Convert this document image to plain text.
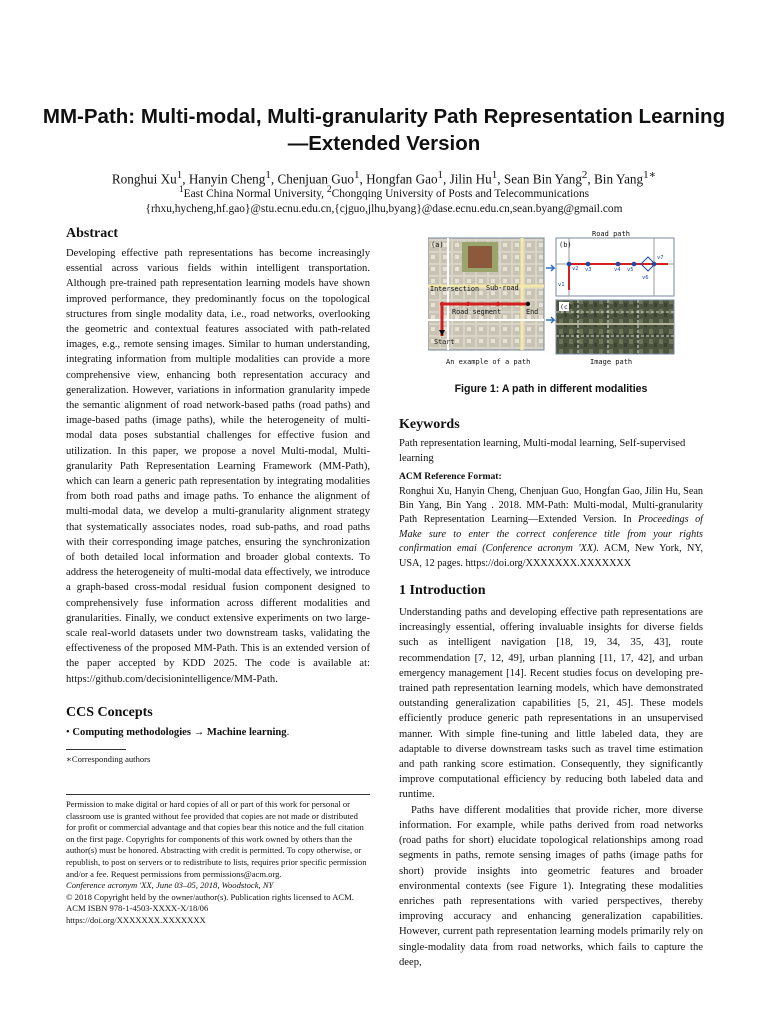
MM-Path: Multi-modal, Multi-granularity Path Representation Learning—Extended Version
Ronghui Xu$^1$, Hanyin Cheng$^1$, Chenjuan Guo$^1$, Hongfan Gao$^1$, Jilin Hu$^1$, Sean Bin Yang$^2$, Bin Yang$^{1∗}$
$^1$East China Normal University, $^2$Chongqing University of Posts and Telecommunications
{rhxu,hycheng,hf.gao}@stu.ecnu.edu.cn,{cjguo,jlhu,byang}@dase.ecnu.edu.cn,sean.byang@gmail.com
Abstract

Developing effective path representations has become increasingly essential across various fields within intelligent transportation. Although pre-trained path representation learning models have shown improved performance, they predominantly focus on the topological structures from single modality data, i.e., road networks, overlooking the geometric and contextual features associated with path-related images, e.g., remote sensing images. Similar to human understanding, integrating information from multiple modalities can provide a more comprehensive view, enhancing both representation accuracy and generalization. However, variations in information granularity impede the semantic alignment of road network-based paths (road paths) and image-based paths (image paths), while the heterogeneity of multi-modal data poses substantial challenges for effective fusion and utilization. In this paper, we propose a novel Multi-modal, Multi-granularity Path Representation Learning Framework (MM-Path), which can learn a generic path representation by integrating modalities from both road paths and image paths. To enhance the alignment of multi-modal data, we develop a multi-granularity alignment strategy that systematically associates nodes, road sub-paths, and road paths with their corresponding image patches, ensuring the synchronization of both detailed local information and broader global contexts. To address the heterogeneity of multi-modal data effectively, we introduce a graph-based cross-modal residual fusion component designed to comprehensively fuse information across different modalities and granularities. Finally, we conduct extensive experiments on two large-scale real-world datasets under two downstream tasks, validating the effectiveness of the proposed MM-Path. This is an extended version of the paper accepted by KDD 2025. The code is available at: https://github.com/decisionintelligence/MM-Path.

CCS Concepts

• Computing methodologies → Machine learning.

∗Corresponding authors

Permission to make digital or hard copies of all or part of this work for personal or classroom use is granted without fee provided that copies are not made or distributed for profit or commercial advantage and that copies bear this notice and the full citation on the first page. Copyrights for components of this work owned by others than the author(s) must be honored. Abstracting with credit is permitted. To copy otherwise, or republish, to post on servers or to redistribute to lists, requires prior specific permission and/or a fee. Request permissions from permissions@acm.org.

Conference acronym 'XX, June 03–05, 2018, Woodstock, NY

© 2018 Copyright held by the owner/author(s). Publication rights licensed to ACM.

ACM ISBN 978-1-4503-XXXX-X/18/06

https://doi.org/XXXXXXX.XXXXXXX

(a)
Intersection Sub-road
Road segment	End
Start
An example of a path
Road path
(b)
v1
v2 v3	v4 v5
v6
v7
(c)
Image path
Figure 1: A path in different modalities
Keywords

Path representation learning, Multi-modal learning, Self-supervised learning

ACM Reference Format:

Ronghui Xu, Hanyin Cheng, Chenjuan Guo, Hongfan Gao, Jilin Hu, Sean Bin Yang, Bin Yang . 2018. MM-Path: Multi-modal, Multi-granularity Path Representation Learning—Extended Version. In Proceedings of Make sure to enter the correct conference title from your rights confirmation emai (Conference acronym 'XX). ACM, New York, NY, USA, 12 pages. https://doi.org/XXXXXXX.XXXXXXX

1 Introduction

Understanding paths and developing effective path representations are increasingly essential, offering invaluable insights for diverse fields such as intelligent navigation [18, 19, 34, 35, 43], route recommendation [7, 12, 49], urban planning [11, 17, 42], and urban emergency management [14]. Recent studies focus on developing pre-trained path representation learning models, which have demonstrated outstanding generalization capabilities [5, 21, 45]. These models efficiently produce generic path representations in an unsupervised manner. With simple fine-tuning and little labeled data, they are adaptable to diverse downstream tasks such as travel time estimation and path ranking score estimation. Consequently, they significantly improve computational efficiency by reducing both labeled data and runtime.

Paths have different modalities that provide richer, more diverse information. For example, while paths derived from road networks (road paths for short) elucidate topological relationships among road segments in paths, remote sensing images of paths (image paths for short) provide insights into geometric features and broader environmental contexts (see Figure 1). Integrating these modalities enriches path representations with varied perspectives, thereby improving accuracy and enhancing generalization capabilities. However, current path representation learning models primarily rely on single-modality data from road networks, which fails to capture the deep,
